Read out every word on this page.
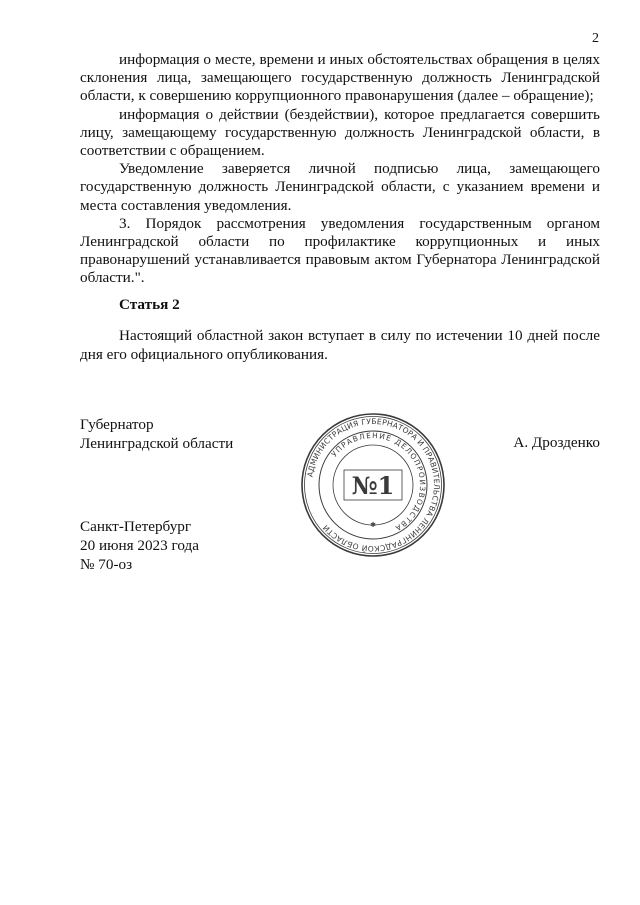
2

информация о месте, времени и иных обстоятельствах обращения в целях склонения лица, замещающего государственную должность Ленинградской области, к совершению коррупционного правонарушения (далее – обращение);

информация о действии (бездействии), которое предлагается совершить лицу, замещающему государственную должность Ленинградской области, в соответствии с обращением.

Уведомление заверяется личной подписью лица, замещающего государственную должность Ленинградской области, с указанием времени и места составления уведомления.

3. Порядок рассмотрения уведомления государственным органом Ленинградской области по профилактике коррупционных и иных правонарушений устанавливается правовым актом Губернатора Ленинградской области.".

Статья 2

Настоящий областной закон вступает в силу по истечении 10 дней после дня его официального опубликования.

Губернатор
Ленинградской области	А. Дрозденко
АДМИНИСТРАЦИЯ ГУБЕРНАТОРА И ПРАВИТЕЛЬСТВА ЛЕНИНГРАДСКОЙ ОБЛАСТИ
УПРАВЛЕНИЕ ДЕЛОПРОИЗВОДСТВА
№1
✱
Санкт-Петербург
20 июня 2023 года
№ 70-оз
